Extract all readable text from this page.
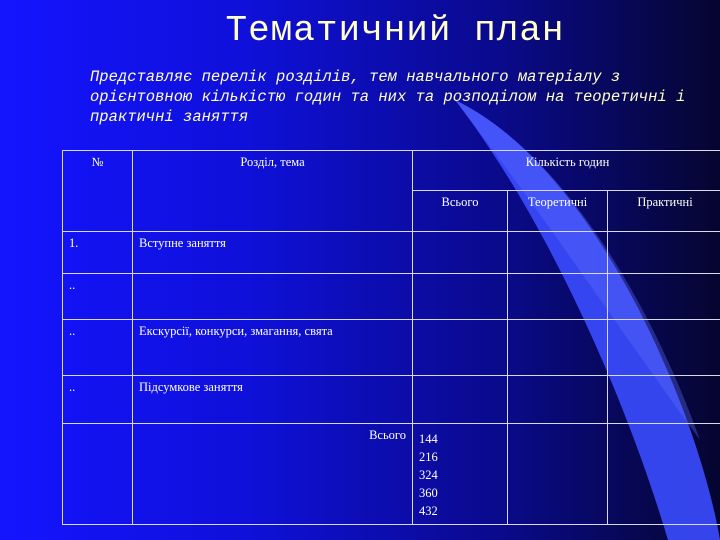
Тематичний план
Представляє перелік розділів, тем навчального матеріалу з орієнтовною кількістю годин та них та розподілом на теоретичні і практичні заняття
№	Розділ, тема	Кількість годин		
		Всього	Теоретичні	Практичні
1.	Вступне заняття			
..				
..	Екскурсії, конкурси, змагання, свята			
..	Підсумкове заняття			
	Всього	144
216
324
360
432		
